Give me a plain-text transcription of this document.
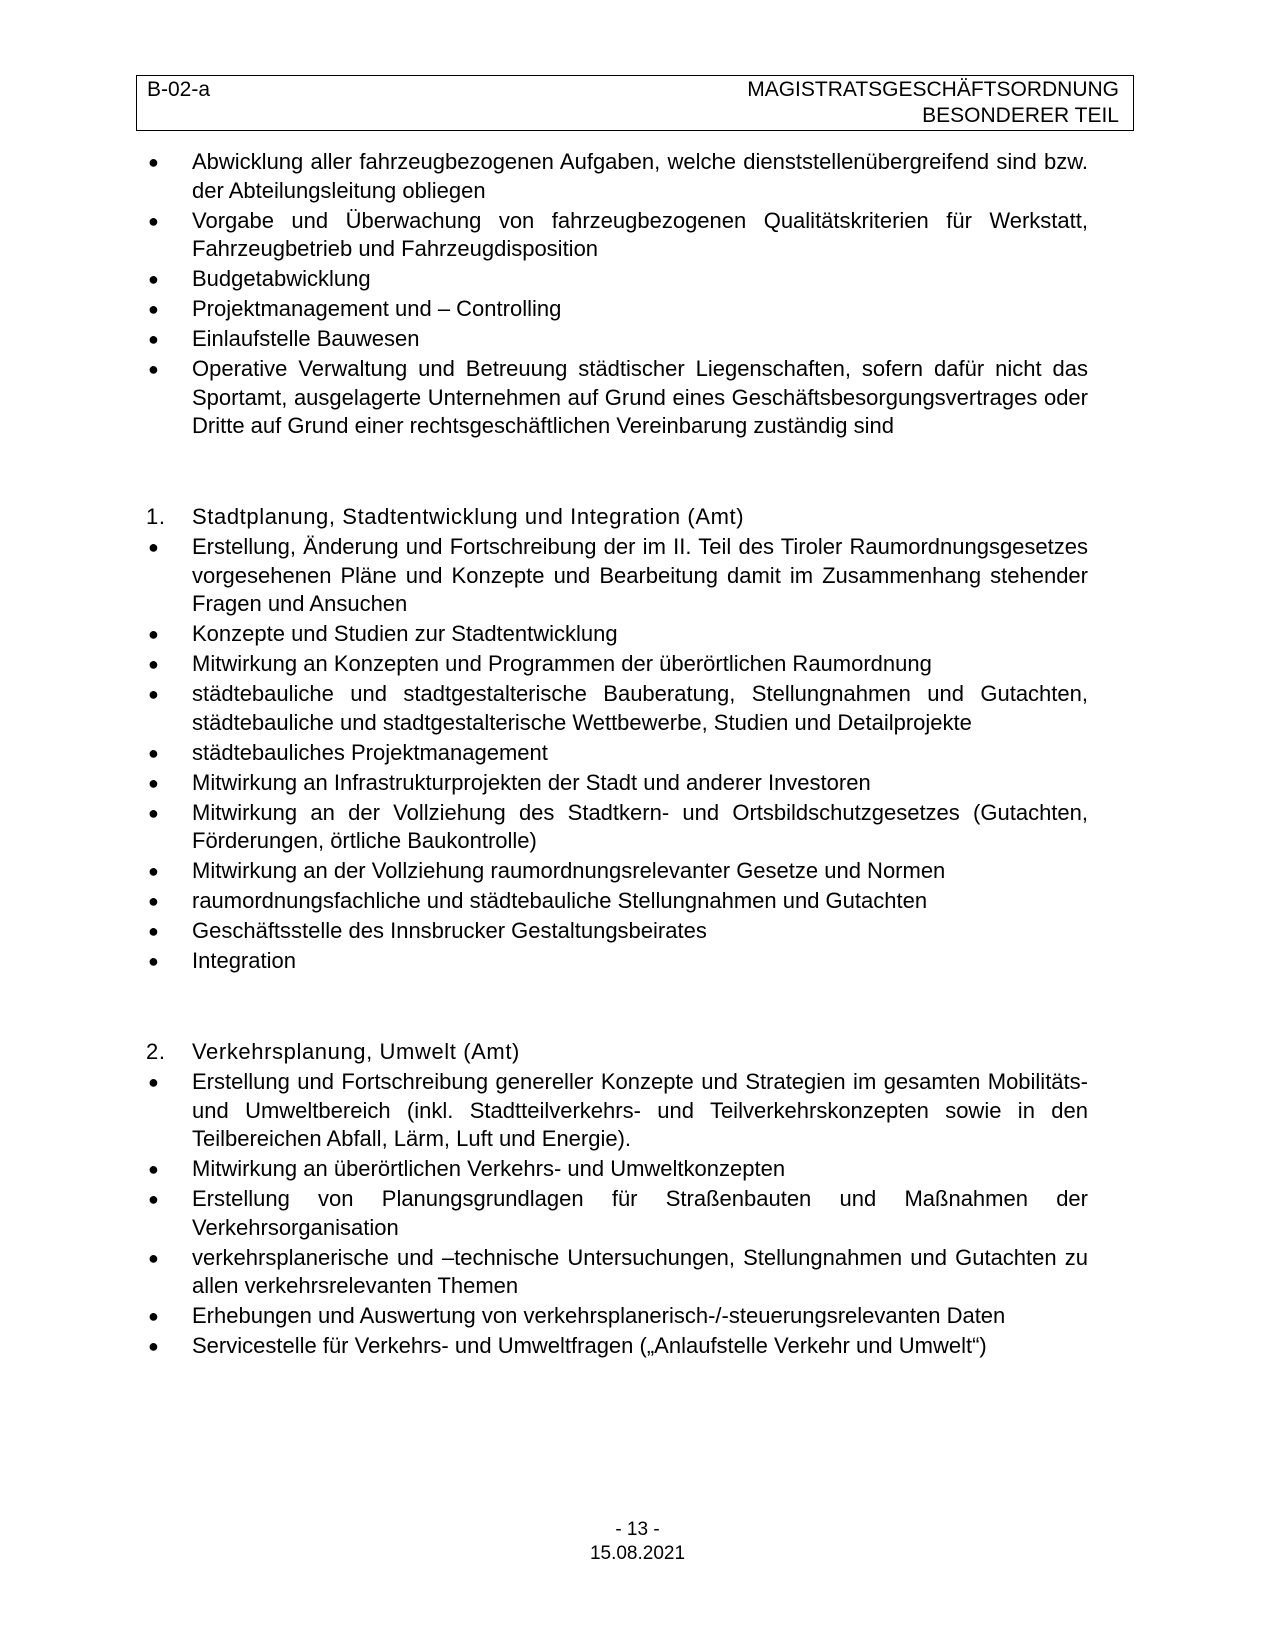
B-02-a	MAGISTRATSGESCHÄFTSORDNUNG
BESONDERER TEIL
● Abwicklung aller fahrzeugbezogenen Aufgaben, welche dienststellenübergreifend sind bzw. der Abteilungsleitung obliegen
● Vorgabe und Überwachung von fahrzeugbezogenen Qualitätskriterien für Werkstatt, Fahrzeugbetrieb und Fahrzeugdisposition
● Budgetabwicklung
● Projektmanagement und – Controlling
● Einlaufstelle Bauwesen
● Operative Verwaltung und Betreuung städtischer Liegenschaften, sofern dafür nicht das Sportamt, ausgelagerte Unternehmen auf Grund eines Geschäftsbesorgungsvertrages oder Dritte auf Grund einer rechtsgeschäftlichen Vereinbarung zuständig sind
1. Stadtplanung, Stadtentwicklung und Integration (Amt)
● Erstellung, Änderung und Fortschreibung der im II. Teil des Tiroler Raumordnungsgesetzes vorgesehenen Pläne und Konzepte und Bearbeitung damit im Zusammenhang stehender Fragen und Ansuchen
● Konzepte und Studien zur Stadtentwicklung
● Mitwirkung an Konzepten und Programmen der überörtlichen Raumordnung
● städtebauliche und stadtgestalterische Bauberatung, Stellungnahmen und Gutachten, städtebauliche und stadtgestalterische Wettbewerbe, Studien und Detailprojekte
● städtebauliches Projektmanagement
● Mitwirkung an Infrastrukturprojekten der Stadt und anderer Investoren
● Mitwirkung an der Vollziehung des Stadtkern- und Ortsbildschutzgesetzes (Gutachten, Förderungen, örtliche Baukontrolle)
● Mitwirkung an der Vollziehung raumordnungsrelevanter Gesetze und Normen
● raumordnungsfachliche und städtebauliche Stellungnahmen und Gutachten
● Geschäftsstelle des Innsbrucker Gestaltungsbeirates
● Integration
2. Verkehrsplanung, Umwelt (Amt)
● Erstellung und Fortschreibung genereller Konzepte und Strategien im gesamten Mobilitäts- und Umweltbereich (inkl. Stadtteilverkehrs- und Teilverkehrskonzepten sowie in den Teilbereichen Abfall, Lärm, Luft und Energie).
● Mitwirkung an überörtlichen Verkehrs- und Umweltkonzepten
● Erstellung von Planungsgrundlagen für Straßenbauten und Maßnahmen der Verkehrsorganisation
● verkehrsplanerische und –technische Untersuchungen, Stellungnahmen und Gutachten zu allen verkehrsrelevanten Themen
● Erhebungen und Auswertung von verkehrsplanerisch-/-steuerungsrelevanten Daten
● Servicestelle für Verkehrs- und Umweltfragen („Anlaufstelle Verkehr und Umwelt“)
- 13 -
15.08.2021
